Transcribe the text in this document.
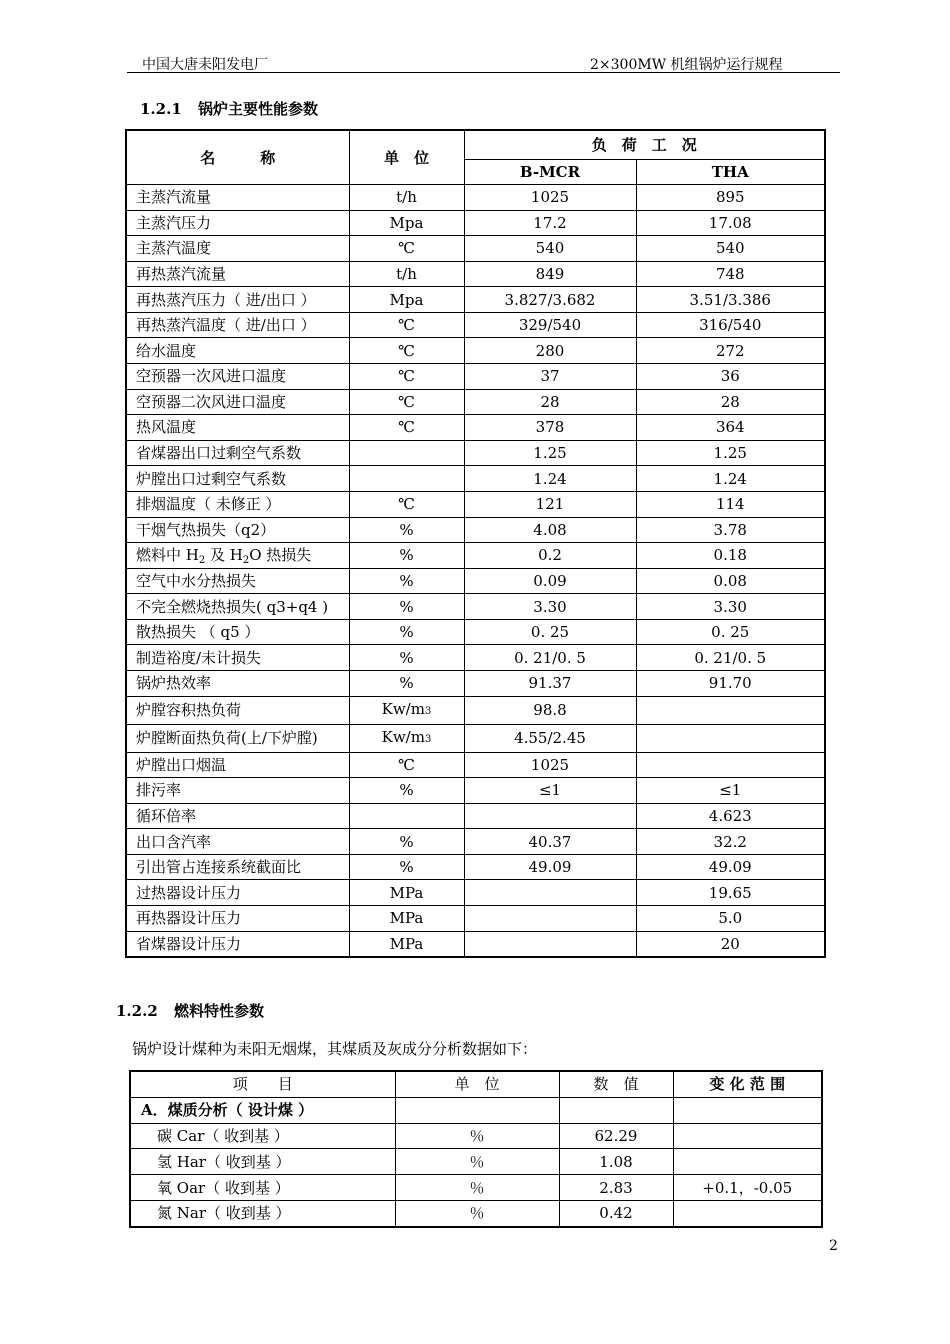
中国大唐耒阳发电厂	2×300MW 机组锅炉运行规程
1.2.1 锅炉主要性能参数
名　　　称	单　位	负　荷　工　况	
		B-MCR	THA
主蒸汽流量	t/h	1025	895
主蒸汽压力	Mpa	17.2	17.08
主蒸汽温度	℃	540	540
再热蒸汽流量	t/h	849	748
再热蒸汽压力（ 进/出口 ）	Mpa	3.827/3.682	3.51/3.386
再热蒸汽温度（ 进/出口 ）	℃	329/540	316/540
给水温度	℃	280	272
空预器一次风进口温度	℃	37	36
空预器二次风进口温度	℃	28	28
热风温度	℃	378	364
省煤器出口过剩空气系数		1.25	1.25
炉膛出口过剩空气系数		1.24	1.24
排烟温度（ 未修正 ）	℃	121	114
干烟气热损失（q2）	%	4.08	3.78
燃料中 $H_2$ 及 $H_2O$ 热损失	%	0.2	0.18
空气中水分热损失	%	0.09	0.08
不完全燃烧热损失( q3+q4 )	%	3.30	3.30
散热损失 （ q5 ）	%	0. 25	0. 25
制造裕度/未计损失	%	0. 21/0. 5	0. 21/0. 5
锅炉热效率	%	91.37	91.70
炉膛容积热负荷	Kw/m3	98.8	
炉膛断面热负荷(上/下炉膛)	Kw/m3	4.55/2.45	
炉膛出口烟温	℃	1025	
排污率	%	≤1	≤1
循环倍率			4.623
出口含汽率	%	40.37	32.2
引出管占连接系统截面比	%	49.09	49.09
过热器设计压力	MPa		19.65
再热器设计压力	MPa		5.0
省煤器设计压力	MPa		20
1.2.2 燃料特性参数
锅炉设计煤种为耒阳无烟煤，其煤质及灰成分分析数据如下：
项　　目	单　位	数　值	变 化 范 围
A．煤质分析（ 设计煤 ）			
碳 Car（ 收到基 ）	％	62.29	
氢 Har（ 收到基 ）	％	1.08	
氧 Oar（ 收到基 ）	％	2.83	+0.1，-0.05
氮 Nar（ 收到基 ）	％	0.42	
2
